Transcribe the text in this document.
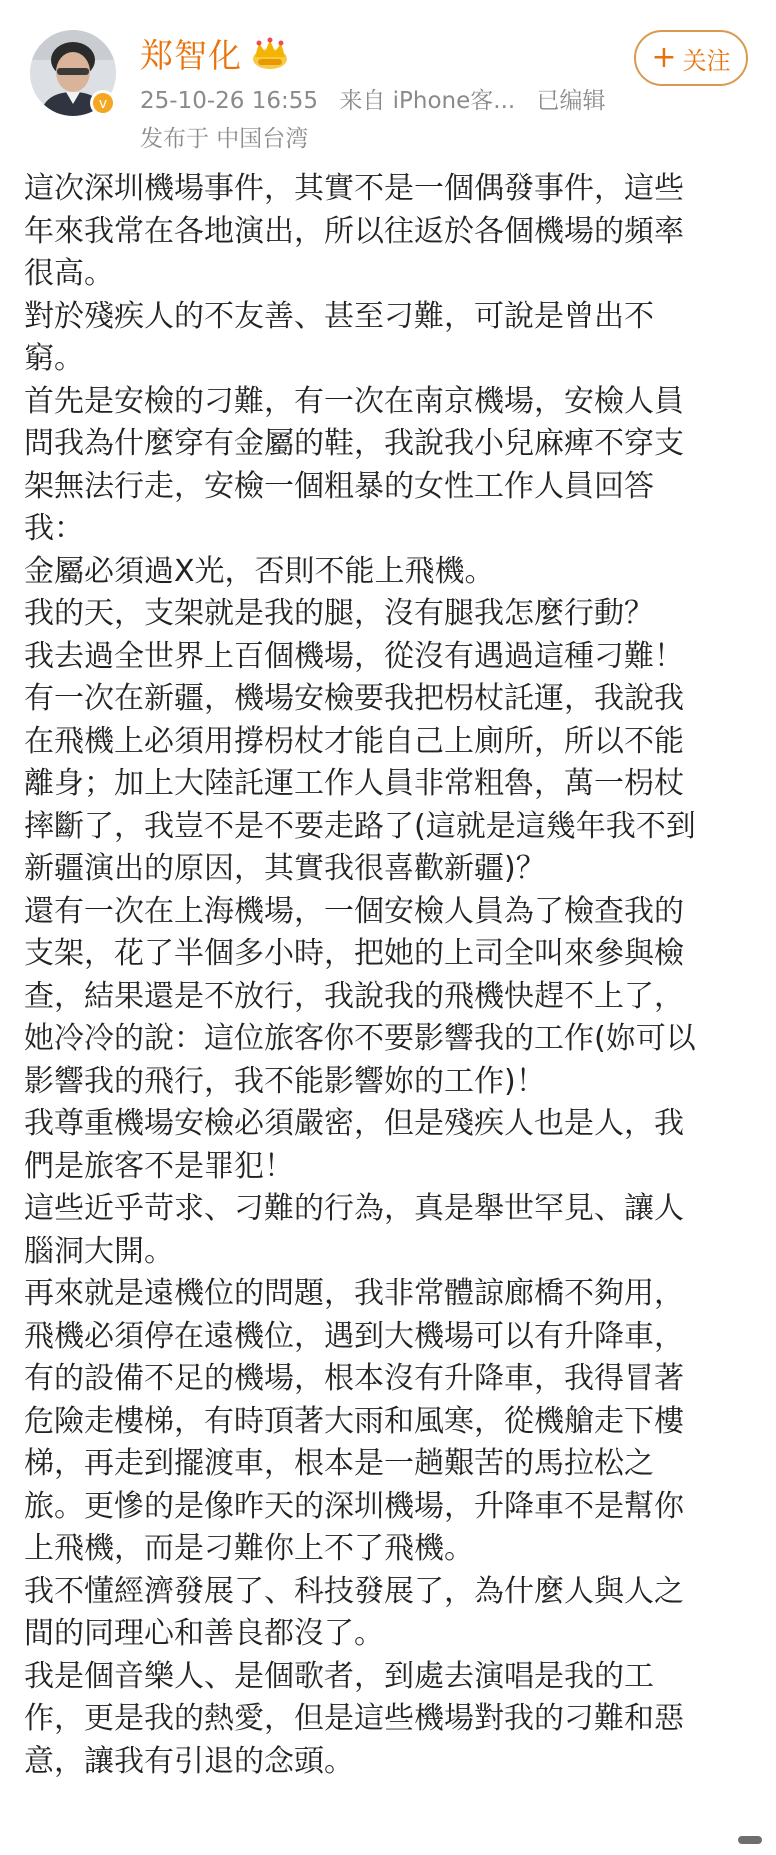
v
郑智化
25-10-26 16:55 来自 iPhone客... 已编辑
发布于 中国台湾
+ 关注

這次深圳機場事件，其實不是一個偶發事件，這些

年來我常在各地演出，所以往返於各個機場的頻率

很高。

對於殘疾人的不友善、甚至刁難，可說是曾出不

窮。

首先是安檢的刁難，有一次在南京機場，安檢人員

問我為什麼穿有金屬的鞋，我說我小兒麻痺不穿支

架無法行走，安檢一個粗暴的女性工作人員回答

我：

金屬必須過X光，否則不能上飛機。

我的天，支架就是我的腿，沒有腿我怎麼行動？

我去過全世界上百個機場，從沒有遇過這種刁難！

有一次在新疆，機場安檢要我把枴杖託運，我說我

在飛機上必須用撐枴杖才能自己上廁所，所以不能

離身；加上大陸託運工作人員非常粗魯，萬一枴杖

摔斷了，我豈不是不要走路了(這就是這幾年我不到

新疆演出的原因，其實我很喜歡新疆)？

還有一次在上海機場，一個安檢人員為了檢查我的

支架，花了半個多小時，把她的上司全叫來參與檢

查，結果還是不放行，我說我的飛機快趕不上了，

她冷冷的說：這位旅客你不要影響我的工作(妳可以

影響我的飛行，我不能影響妳的工作)！

我尊重機場安檢必須嚴密，但是殘疾人也是人，我

們是旅客不是罪犯！

這些近乎苛求、刁難的行為，真是舉世罕見、讓人

腦洞大開。

再來就是遠機位的問題，我非常體諒廊橋不夠用，

飛機必須停在遠機位，遇到大機場可以有升降車，

有的設備不足的機場，根本沒有升降車，我得冒著

危險走樓梯，有時頂著大雨和風寒，從機艙走下樓

梯，再走到擺渡車，根本是一趟艱苦的馬拉松之

旅。更慘的是像昨天的深圳機場，升降車不是幫你

上飛機，而是刁難你上不了飛機。

我不懂經濟發展了、科技發展了，為什麼人與人之

間的同理心和善良都沒了。

我是個音樂人、是個歌者，到處去演唱是我的工

作，更是我的熱愛，但是這些機場對我的刁難和惡

意，讓我有引退的念頭。
